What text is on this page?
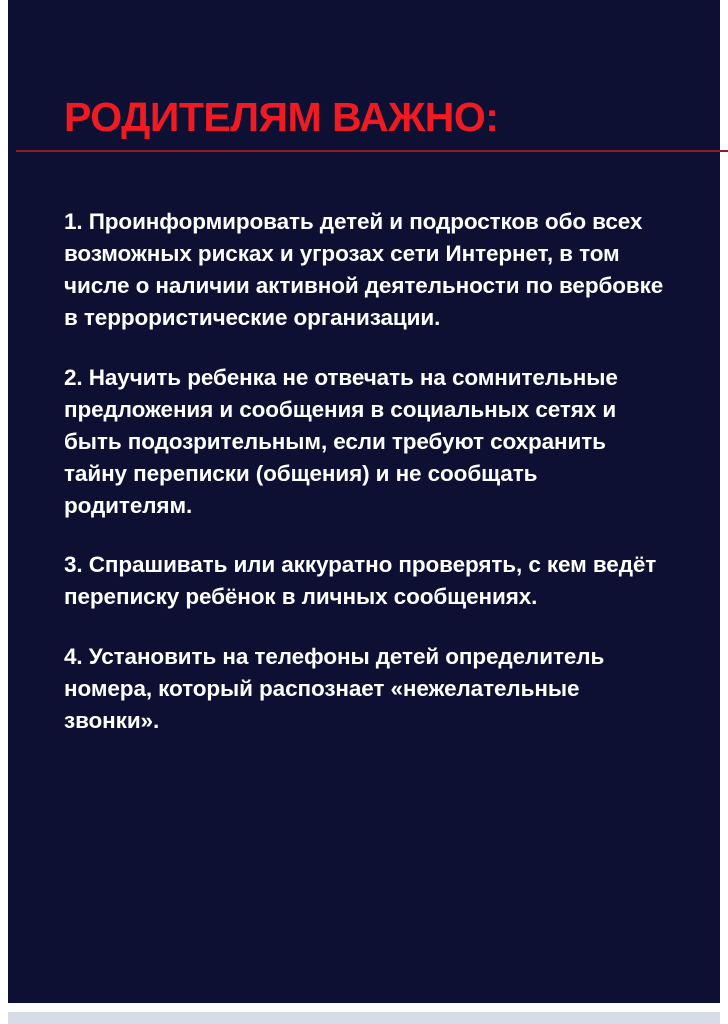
РОДИТЕЛЯМ ВАЖНО:

1. Проинформировать детей и подростков обо всех возможных рисках и угрозах сети Интернет, в том числе о наличии активной деятельности по вербовке в террористические организации.

2. Научить ребенка не отвечать на сомнительные предложения и сообщения в социальных сетях и быть подозрительным, если требуют сохранить тайну переписки (общения) и не сообщать родителям.

3. Спрашивать или аккуратно проверять, с кем ведёт переписку ребёнок в личных сообщениях.

4. Установить на телефоны детей определитель номера, который распознает «нежелательные звонки».
